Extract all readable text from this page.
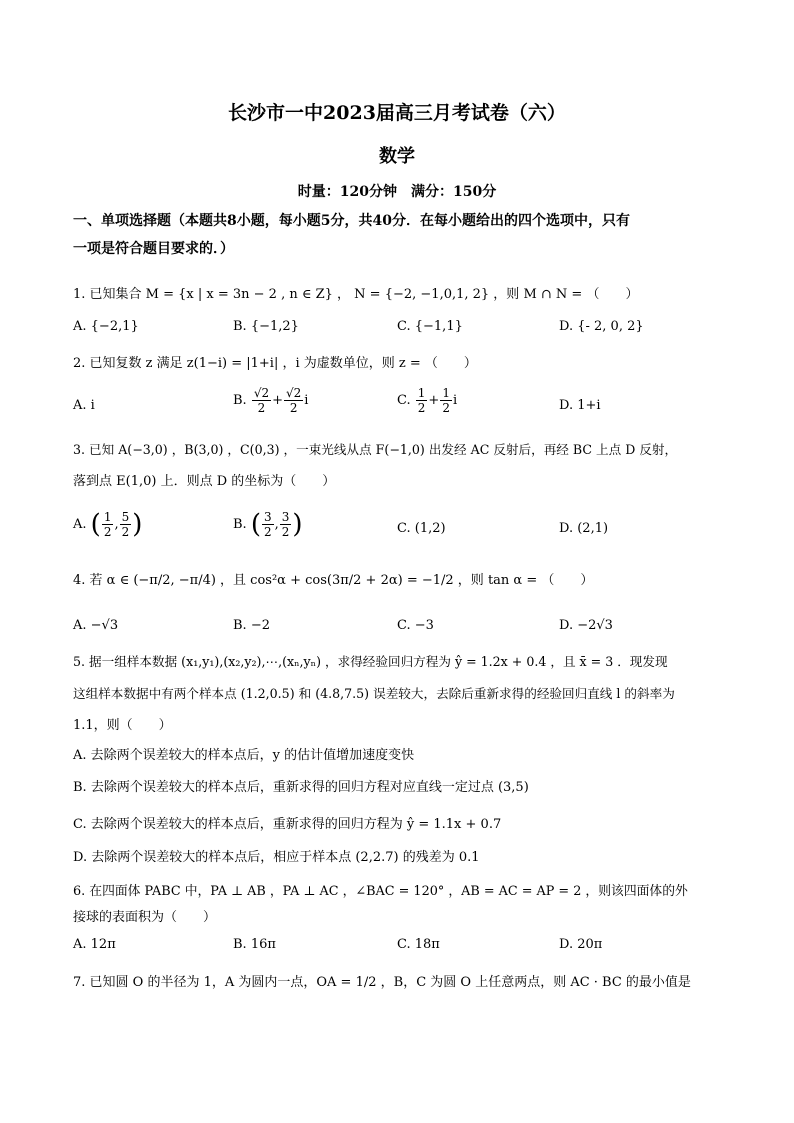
长沙市一中2023届高三月考试卷（六）
数学
时量：120分钟　满分：150分
一、单项选择题（本题共8小题，每小题5分，共40分．在每小题给出的四个选项中，只有
一项是符合题目要求的．）
1. 已知集合 M = {x | x = 3n − 2 , n ∈ Z} ， N = {−2, −1,0,1, 2} ，则 M ∩ N = （　　）
A. {−2,1}	B. {−1,2}	C. {−1,1}	D. {- 2, 0, 2}
2. 已知复数 z 满足 z(1−i) = |1+i| ，i 为虚数单位，则 z = （　　）
A. i	B. $\frac{√2}{2} + \frac{√2}{2}$ i	C. $\frac{1}{2} + \frac{1}{2}$ i	D. 1+i
3. 已知 A(−3,0) ，B(3,0) ，C(0,3) ，一束光线从点 F(−1,0) 出发经 AC 反射后，再经 BC 上点 D 反射，
落到点 E(1,0) 上．则点 D 的坐标为（　　）
A. ( $\frac{1}{2}$ , $\frac{5}{2}$ )	B. ( $\frac{3}{2}$ , $\frac{3}{2}$ )	C. (1,2)	D. (2,1)
4. 若 α ∈ (−π/2, −π/4) ，且 cos²α + cos(3π/2 + 2α) = −1/2 ，则 tan α = （　　）
A. −√3	B. −2	C. −3	D. −2√3
5. 据一组样本数据 (x₁,y₁),(x₂,y₂),⋯,(xₙ,yₙ) ，求得经验回归方程为 ŷ = 1.2x + 0.4 ，且 x̄ = 3 ．现发现
这组样本数据中有两个样本点 (1.2,0.5) 和 (4.8,7.5) 误差较大，去除后重新求得的经验回归直线 l 的斜率为
1.1，则（　　）
A. 去除两个误差较大的样本点后，y 的估计值增加速度变快
B. 去除两个误差较大的样本点后，重新求得的回归方程对应直线一定过点 (3,5)
C. 去除两个误差较大的样本点后，重新求得的回归方程为 ŷ = 1.1x + 0.7
D. 去除两个误差较大的样本点后，相应于样本点 (2,2.7) 的残差为 0.1
6. 在四面体 PABC 中，PA ⊥ AB ，PA ⊥ AC ，∠BAC = 120° ，AB = AC = AP = 2 ，则该四面体的外
接球的表面积为（　　）
A. 12π	B. 16π	C. 18π	D. 20π
7. 已知圆 O 的半径为 1，A 为圆内一点，OA = 1/2 ，B，C 为圆 O 上任意两点，则 AC · BC 的最小值是
